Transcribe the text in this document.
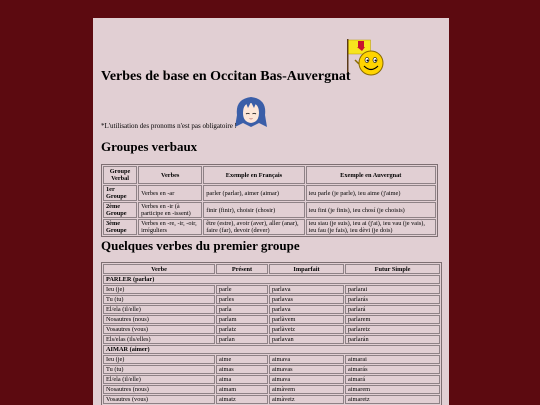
Verbes de base en Occitan Bas-Auvergnat

*L'utilisation des pronoms n'est pas obligatoire !

Groupes verbaux
Groupe Verbal	Verbes	Exemple en Français	Exemple en Auvergnat
1er Groupe	Verbes en -ar	parler (parlar), aimer (aimar)	ieu parle (je parle), ieu aime (j'aime)
2ème Groupe	Verbes en -ir (à participe en -issent)	finir (finir), choisir (chosir)	ieu fini (je finis), ieu chosí (je choisis)
3ème Groupe	Verbes en -re, -ir, -oir, irréguliers	être (estre), avoir (aver), aller (anar), faire (far), devoir (dever)	ieu siau (je suis), ieu ai (j'ai), ieu vau (je vais), ieu fau (je fais), ieu dèvi (je dois)
Quelques verbes du premier groupe
Verbe	Présent	Imparfait	Futur Simple
PARLER (parlar)			
Ieu (je)	parle	parlava	parlarai
Tu (tu)	parles	parlavas	parlarás
El/ela (il/elle)	parla	parlava	parlará
Nosautres (nous)	parlam	parlàvem	parlarem
Vosautres (vous)	parlatz	parlàvetz	parlaretz
Els/elas (ils/elles)	parlan	parlavan	parlarán
AIMAR (aimer)			
Ieu (je)	aime	aimava	aimarai
Tu (tu)	aimas	aimavas	aimarás
El/ela (il/elle)	aima	aimava	aimará
Nosautres (nous)	aimam	aimàvem	aimarem
Vosautres (vous)	aimatz	aimàvetz	aimaretz
